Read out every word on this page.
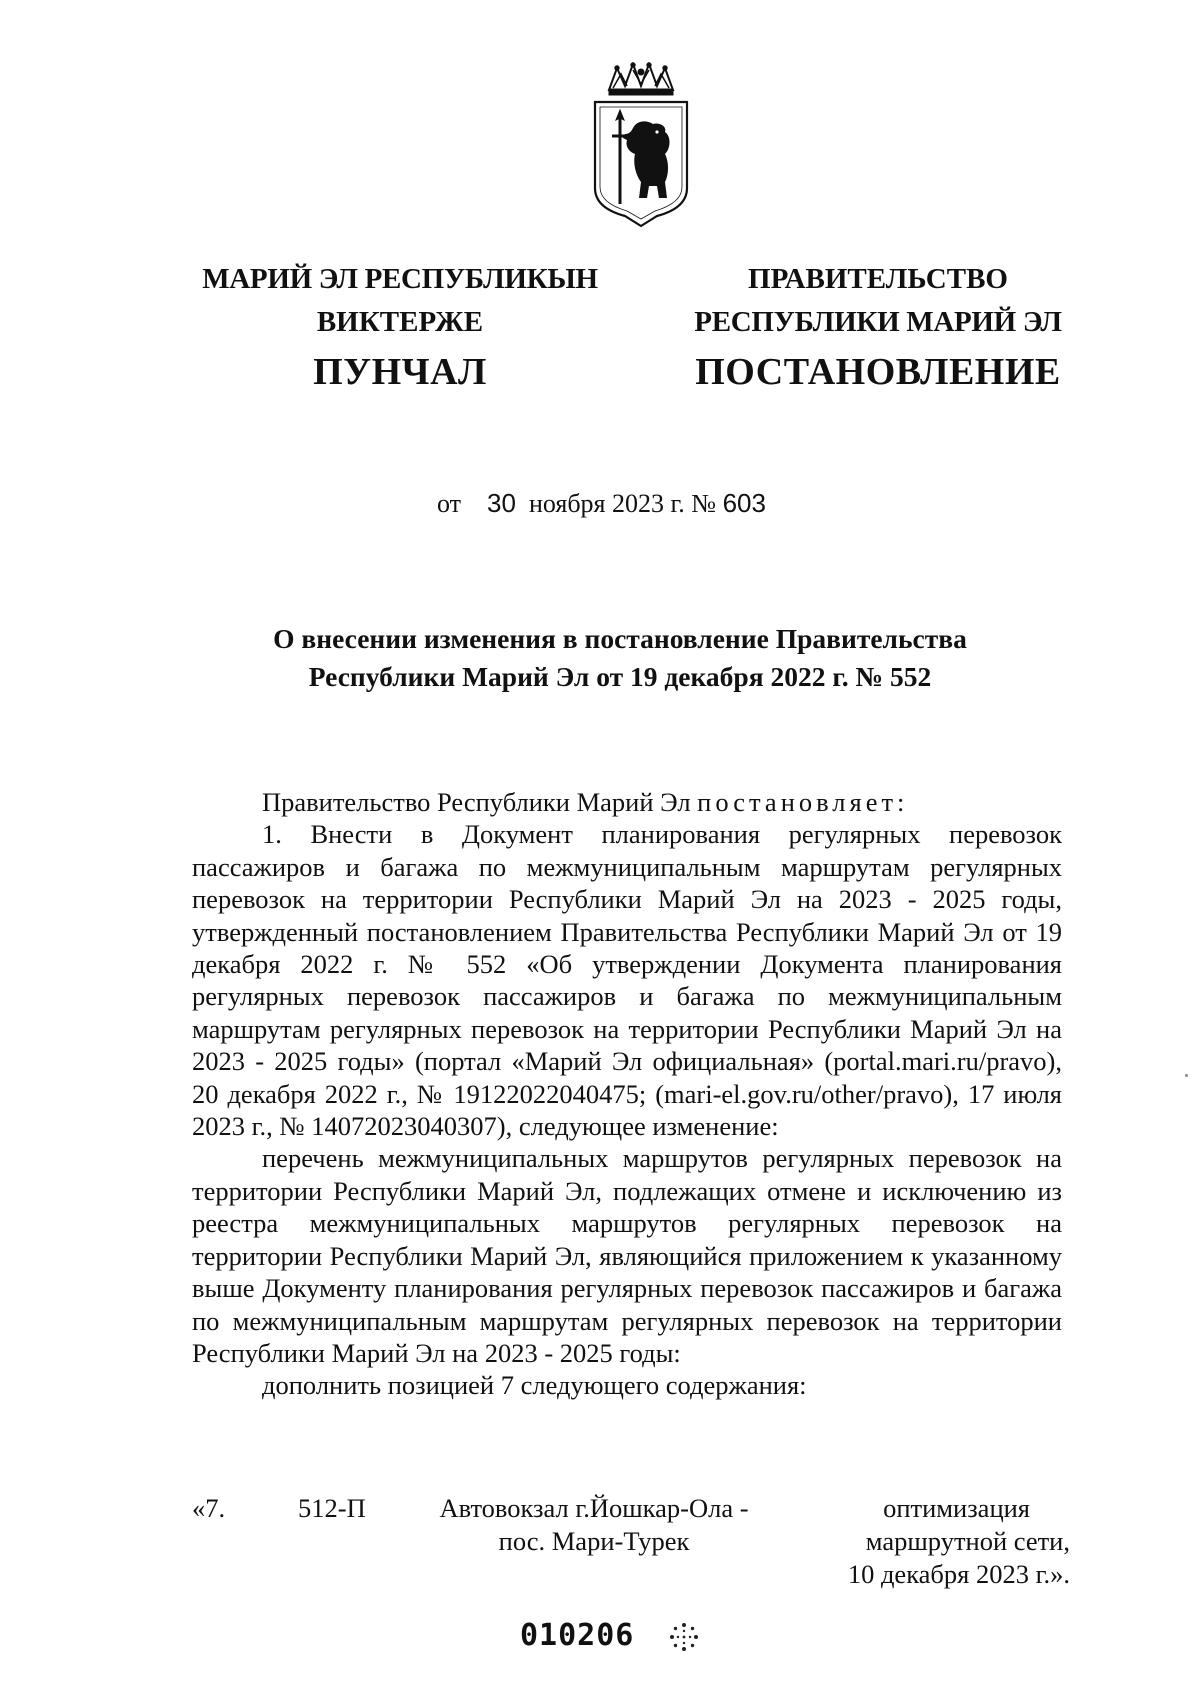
МАРИЙ ЭЛ РЕСПУБЛИКЫН
ВИКТЕРЖЕ
ПУНЧАЛ
ПРАВИТЕЛЬСТВО
РЕСПУБЛИКИ МАРИЙ ЭЛ
ПОСТАНОВЛЕНИЕ
от 30 ноября 2023 г. № 603
О внесении изменения в постановление Правительства
Республики Марий Эл от 19 декабря 2022 г. № 552

Правительство Республики Марий Эл постановляет:

1. Внести в Документ планирования регулярных перевозок пассажиров и багажа по межмуниципальным маршрутам регулярных перевозок на территории Республики Марий Эл на 2023 - 2025 годы, утвержденный постановлением Правительства Республики Марий Эл от 19 декабря 2022 г. № 552 «Об утверждении Документа планирования регулярных перевозок пассажиров и багажа по межмуниципальным маршрутам регулярных перевозок на территории Республики Марий Эл на 2023 - 2025 годы» (портал «Марий Эл официальная» (portal.mari.ru/pravo), 20 декабря 2022 г., № 19122022040475; (mari-el.gov.ru/other/pravo), 17 июля 2023 г., № 14072023040307), следующее изменение:

перечень межмуниципальных маршрутов регулярных перевозок на территории Республики Марий Эл, подлежащих отмене и исключению из реестра межмуниципальных маршрутов регулярных перевозок на территории Республики Марий Эл, являющийся приложением к указанному выше Документу планирования регулярных перевозок пассажиров и багажа по межмуниципальным маршрутам регулярных перевозок на территории Республики Марий Эл на 2023 - 2025 годы:

дополнить позицией 7 следующего содержания:

«7.	512-П	Автовокзал г.Йошкар-Ола -
пос. Мари-Турек
оптимизация
маршрутной сети,
10 декабря 2023 г.».
010206
